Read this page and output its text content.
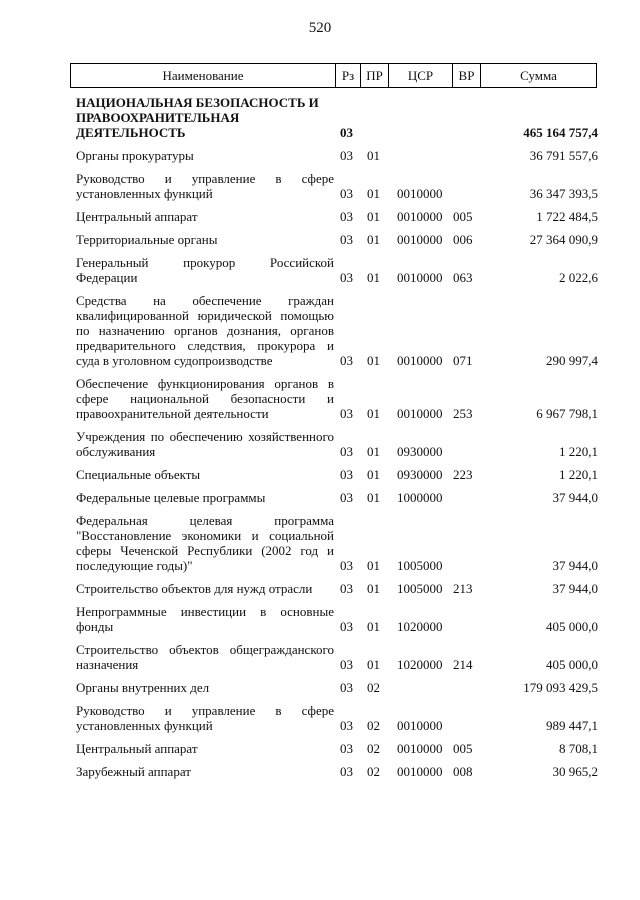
520
Наименование	Рз ПР	ЦСР	ВР	Сумма
НАЦИОНАЛЬНАЯ БЕЗОПАСНОСТЬ И ПРАВООХРАНИТЕЛЬНАЯ ДЕЯТЕЛЬНОСТЬ	03	465 164 757,4
Органы прокуратуры	03 01	36 791 557,6
Руководство и управление в сфере установленных функций	03 01 0010000	36 347 393,5
Центральный аппарат	03 01 0010000 005	1 722 484,5
Территориальные органы	03 01 0010000 006	27 364 090,9
Генеральный прокурор Российской Федерации	03 01 0010000 063	2 022,6
Средства на обеспечение граждан квалифицированной юридической помощью по назначению органов дознания, органов предварительного следствия, прокурора и суда в уголовном судопроизводстве	03 01 0010000 071	290 997,4
Обеспечение функционирования органов в сфере национальной безопасности и правоохранительной деятельности	03 01 0010000 253	6 967 798,1
Учреждения по обеспечению хозяйственного обслуживания	03 01 0930000	1 220,1
Специальные объекты	03 01 0930000 223	1 220,1
Федеральные целевые программы	03 01 1000000	37 944,0
Федеральная целевая программа "Восстановление экономики и социальной сферы Чеченской Республики (2002 год и последующие годы)"	03 01 1005000	37 944,0
Строительство объектов для нужд отрасли	03 01 1005000 213	37 944,0
Непрограммные инвестиции в основные фонды	03 01 1020000	405 000,0
Строительство объектов общегражданского назначения	03 01 1020000 214	405 000,0
Органы внутренних дел	03 02	179 093 429,5
Руководство и управление в сфере установленных функций	03 02 0010000	989 447,1
Центральный аппарат	03 02 0010000 005	8 708,1
Зарубежный аппарат	03 02 0010000 008	30 965,2
